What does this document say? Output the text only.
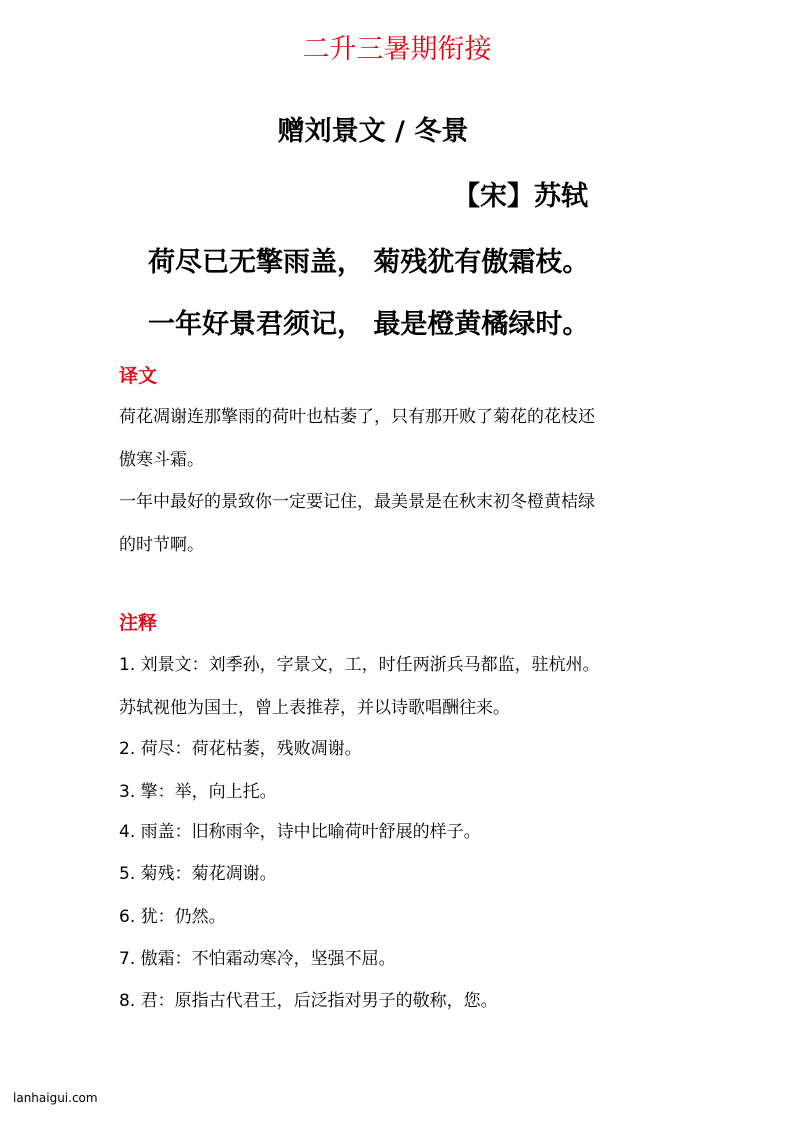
二升三暑期衔接
赠刘景文 / 冬景
【宋】苏轼
荷尽已无擎雨盖， 菊残犹有傲霜枝。
一年好景君须记， 最是橙黄橘绿时。
译文
荷花凋谢连那擎雨的荷叶也枯萎了，只有那开败了菊花的花枝还
傲寒斗霜。
一年中最好的景致你一定要记住，最美景是在秋末初冬橙黄桔绿
的时节啊。
注释
1. 刘景文：刘季孙，字景文，工，时任两浙兵马都监，驻杭州。
苏轼视他为国士，曾上表推荐，并以诗歌唱酬往来。
2. 荷尽：荷花枯萎，残败凋谢。
3. 擎：举，向上托。
4. 雨盖：旧称雨伞，诗中比喻荷叶舒展的样子。
5. 菊残：菊花凋谢。
6. 犹：仍然。
7. 傲霜：不怕霜动寒冷，坚强不屈。
8. 君：原指古代君王，后泛指对男子的敬称，您。
lanhaigui.com
